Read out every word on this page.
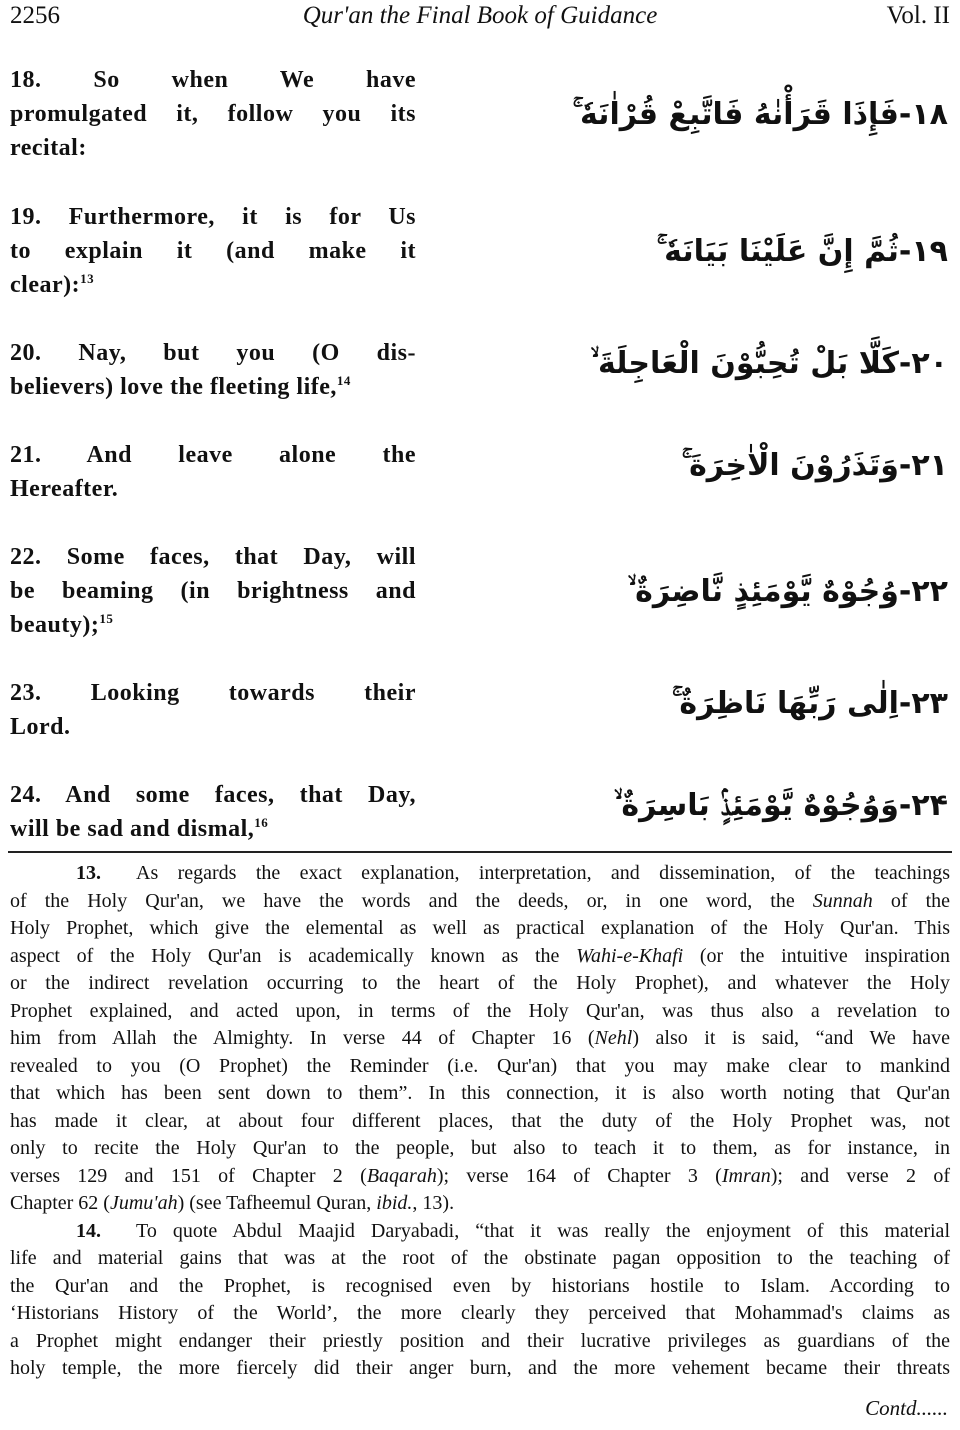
Qur'an the Final Book of Guidance
2256	Vol. II
18. So when We have
promulgated it, follow you its
recital:
۱۸-فَإِذَا قَرَأْنٰهُ فَاتَّبِعْ قُرْاٰنَهٗ ۚ
19. Furthermore, it is for Us
to explain it (and make it
clear):$^{13}$
۱۹-ثُمَّ إِنَّ عَلَيْنَا بَيَانَهٗ ۚ
20. Nay, but you (O dis-
believers) love the fleeting life,$^{14}$	۲۰-كَلَّا بَلْ تُحِبُّوْنَ الْعَاجِلَةَ ۙ
21. And leave alone the
Hereafter.
۲۱-وَتَذَرُوْنَ الْاٰخِرَةَ ۚ
22. Some faces, that Day, will
be beaming (in brightness and
beauty);$^{15}$
۲۲-وُجُوْهٌ يَّوْمَئِذٍ نَّاضِرَةٌ ۙ
23. Looking towards their
Lord.
۲۳-اِلٰى رَبِّهَا نَاظِرَةٌ ۚ
24. And some faces, that Day,
will be sad and dismal,$^{16}$	۲۴-وَوُجُوْهٌ يَّوْمَئِذٍۢ بَاسِرَةٌ ۙ
13. As regards the exact explanation, interpretation, and dissemination, of the teachings
of the Holy Qur'an, we have the words and the deeds, or, in one word, the Sunnah of the
Holy Prophet, which give the elemental as well as practical explanation of the Holy Qur'an. This
aspect of the Holy Qur'an is academically known as the Wahi-e-Khafi (or the intuitive inspiration
or the indirect revelation occurring to the heart of the Holy Prophet), and whatever the Holy
Prophet explained, and acted upon, in terms of the Holy Qur'an, was thus also a revelation to
him from Allah the Almighty. In verse 44 of Chapter 16 (Nehl) also it is said, “and We have
revealed to you (O Prophet) the Reminder (i.e. Qur'an) that you may make clear to mankind
that which has been sent down to them”. In this connection, it is also worth noting that Qur'an
has made it clear, at about four different places, that the duty of the Holy Prophet was, not
only to recite the Holy Qur'an to the people, but also to teach it to them, as for instance, in
verses 129 and 151 of Chapter 2 (Baqarah); verse 164 of Chapter 3 (Imran); and verse 2 of
Chapter 62 (Jumu'ah) (see Tafheemul Quran, ibid., 13).
14. To quote Abdul Maajid Daryabadi, “that it was really the enjoyment of this material
life and material gains that was at the root of the obstinate pagan opposition to the teaching of
the Qur'an and the Prophet, is recognised even by historians hostile to Islam. According to
‘Historians History of the World’, the more clearly they perceived that Mohammad's claims as
a Prophet might endanger their priestly position and their lucrative privileges as guardians of the
holy temple, the more fiercely did their anger burn, and the more vehement became their threats
Contd......
